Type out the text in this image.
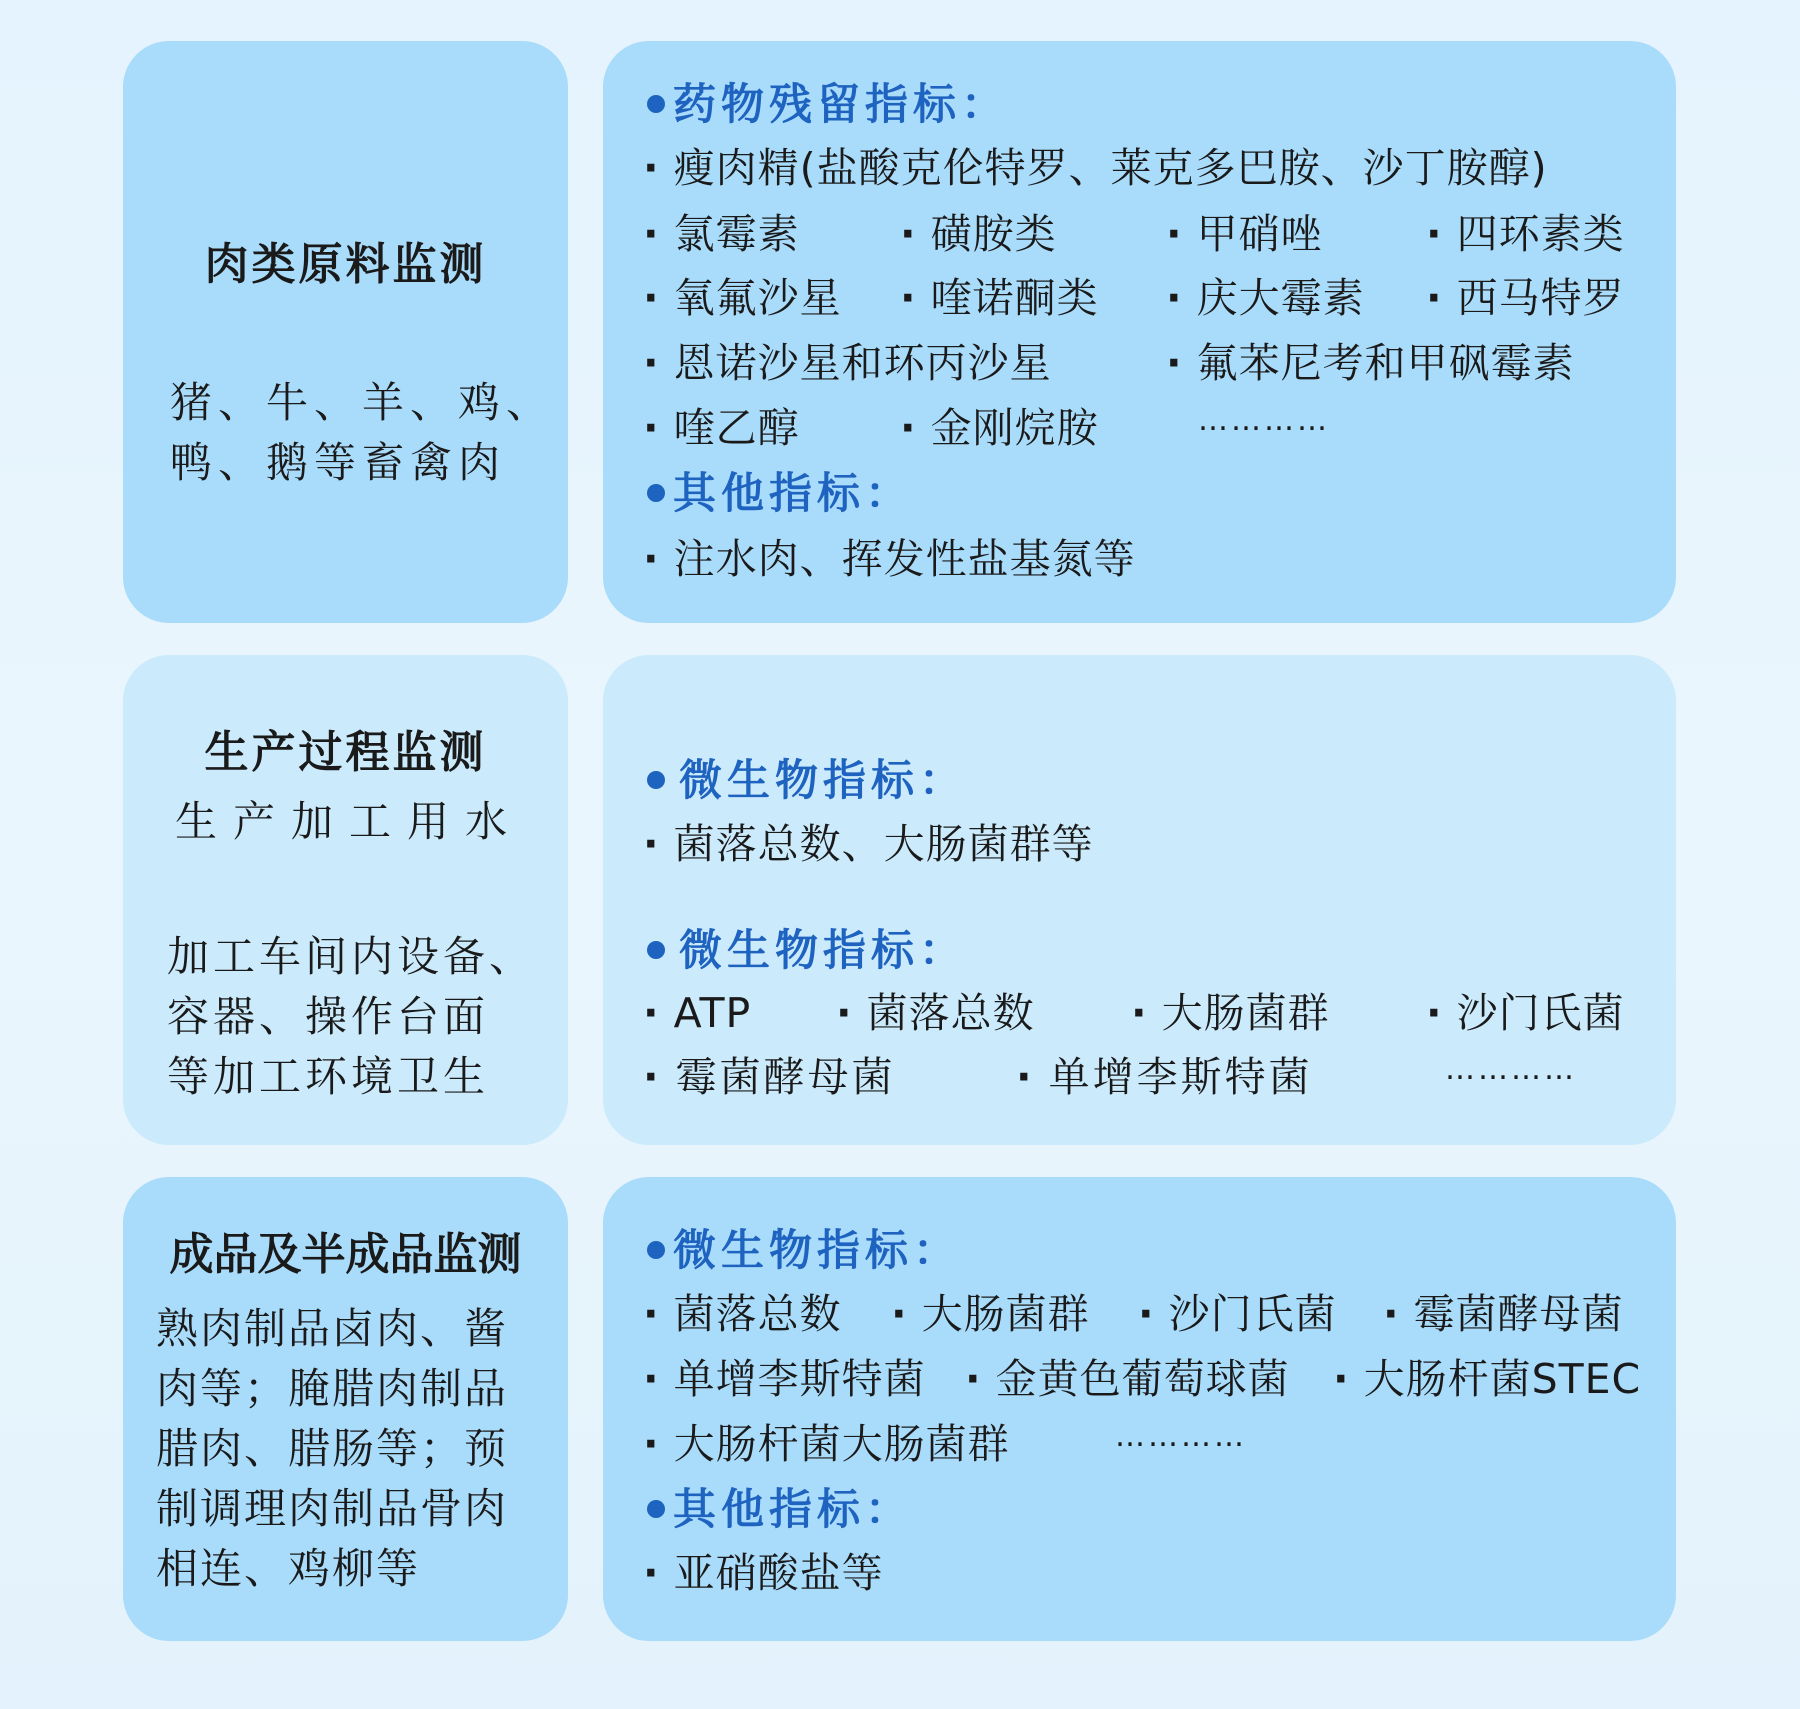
肉类原料监测
猪、牛、羊、鸡、
鸭、鹅等畜禽肉
药物残留指标：
· 瘦肉精(盐酸克伦特罗、莱克多巴胺、沙丁胺醇)
· 氯霉素 · 磺胺类	· 甲硝唑	· 四环素类
· 氧氟沙星 · 喹诺酮类 · 庆大霉素 · 西马特罗
· 恩诺沙星和环丙沙星	· 氟苯尼考和甲砜霉素
· 喹乙醇 · 金刚烷胺	…………
其他指标：
· 注水肉、挥发性盐基氮等
生产过程监测
生产加工用水
加工车间内设备、
容器、操作台面
等加工环境卫生
微生物指标：
· 菌落总数、大肠菌群等
微生物指标：
· ATP · 菌落总数 · 大肠菌群 · 沙门氏菌
· 霉菌酵母菌	· 单增李斯特菌	…………
成品及半成品监测
熟肉制品卤肉、酱
肉等；腌腊肉制品
腊肉、腊肠等；预
制调理肉制品骨肉
相连、鸡柳等
微生物指标：
· 菌落总数 · 大肠菌群 · 沙门氏菌 · 霉菌酵母菌
· 单增李斯特菌 · 金黄色葡萄球菌 · 大肠杆菌STEC
· 大肠杆菌大肠菌群	…………
其他指标：
· 亚硝酸盐等
